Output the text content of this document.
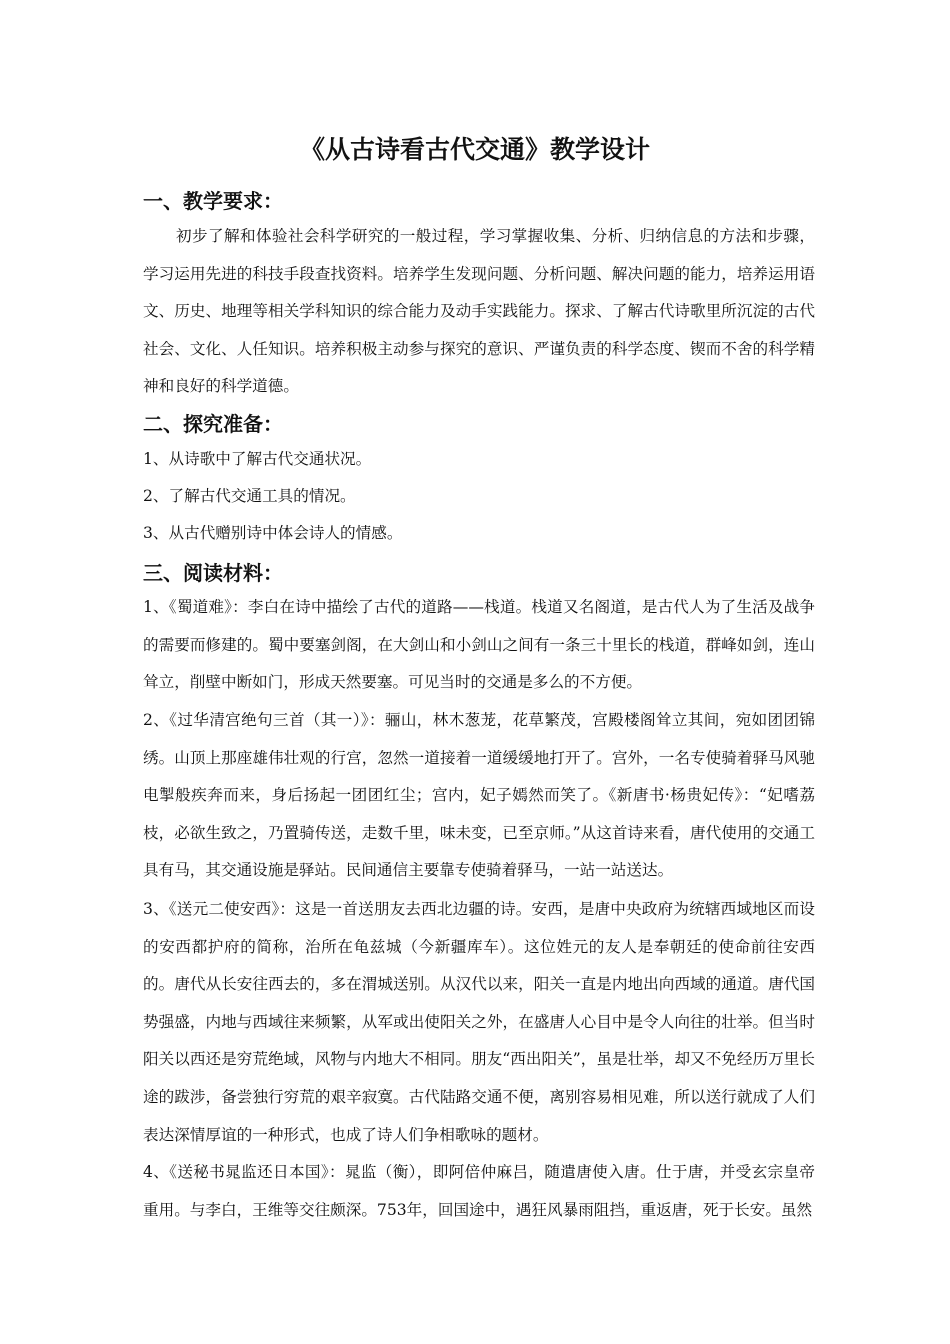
《从古诗看古代交通》教学设计
一、教学要求：
初步了解和体验社会科学研究的一般过程，学习掌握收集、分析、归纳信息的方法和步骤，学习运用先进的科技手段查找资料。培养学生发现问题、分析问题、解决问题的能力，培养运用语文、历史、地理等相关学科知识的综合能力及动手实践能力。探求、了解古代诗歌里所沉淀的古代社会、文化、人任知识。培养积极主动参与探究的意识、严谨负责的科学态度、锲而不舍的科学精神和良好的科学道德。
二、探究准备：
1、从诗歌中了解古代交通状况。
2、了解古代交通工具的情况。
3、从古代赠别诗中体会诗人的情感。
三、阅读材料：
1、《蜀道难》：李白在诗中描绘了古代的道路——栈道。栈道又名阁道，是古代人为了生活及战争的需要而修建的。蜀中要塞剑阁，在大剑山和小剑山之间有一条三十里长的栈道，群峰如剑，连山耸立，削壁中断如门，形成天然要塞。可见当时的交通是多么的不方便。
2、《过华清宫绝句三首（其一）》：骊山，林木葱茏，花草繁茂，宫殿楼阁耸立其间，宛如团团锦绣。山顶上那座雄伟壮观的行宫，忽然一道接着一道缓缓地打开了。宫外，一名专使骑着驿马风驰电掣般疾奔而来，身后扬起一团团红尘；宫内，妃子嫣然而笑了。《新唐书·杨贵妃传》：“妃嗜荔枝，必欲生致之，乃置骑传送，走数千里，味未变，已至京师。”从这首诗来看，唐代使用的交通工具有马，其交通设施是驿站。民间通信主要靠专使骑着驿马，一站一站送达。
3、《送元二使安西》：这是一首送朋友去西北边疆的诗。安西，是唐中央政府为统辖西域地区而设的安西都护府的简称，治所在龟兹城（今新疆库车）。这位姓元的友人是奉朝廷的使命前往安西的。唐代从长安往西去的，多在渭城送别。从汉代以来，阳关一直是内地出向西域的通道。唐代国势强盛，内地与西域往来频繁，从军或出使阳关之外，在盛唐人心目中是令人向往的壮举。但当时阳关以西还是穷荒绝域，风物与内地大不相同。朋友“西出阳关”，虽是壮举，却又不免经历万里长途的跋涉，备尝独行穷荒的艰辛寂寞。古代陆路交通不便，离别容易相见难，所以送行就成了人们表达深情厚谊的一种形式，也成了诗人们争相歌咏的题材。
4、《送秘书晁监还日本国》：晁监（衡），即阿倍仲麻吕，随遣唐使入唐。仕于唐，并受玄宗皇帝重用。与李白，王维等交往颇深。753年，回国途中，遇狂风暴雨阻挡，重返唐，死于长安。虽然
